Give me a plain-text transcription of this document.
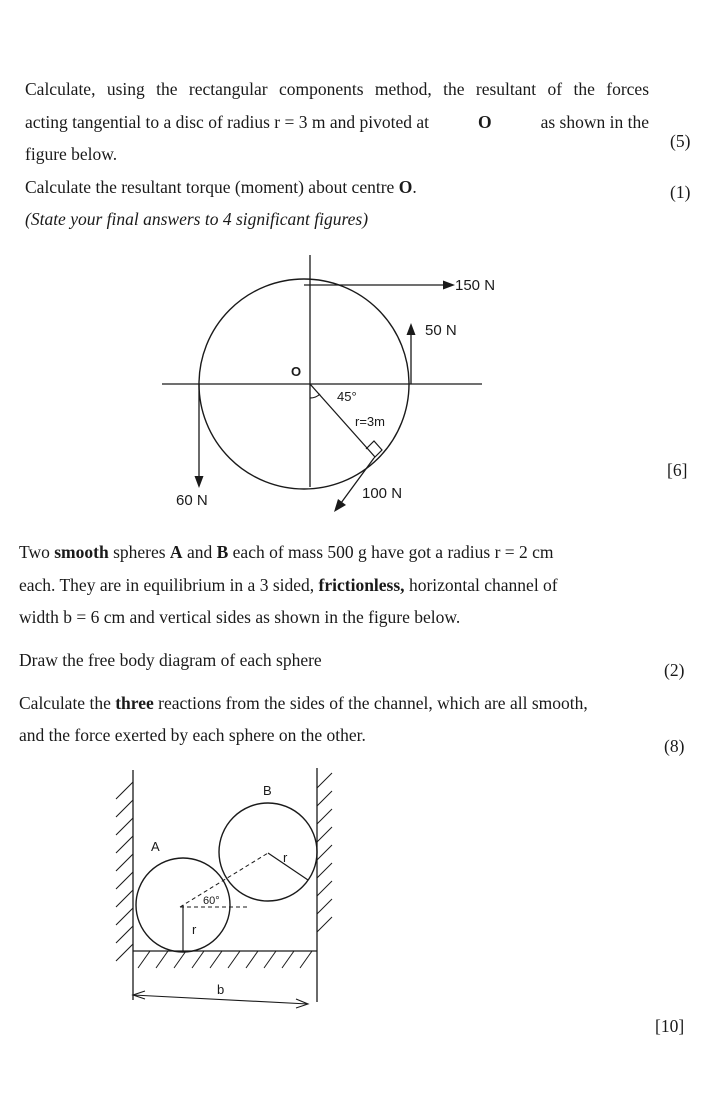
Calculate, using the rectangular components method, the resultant of the forces
acting tangential to a disc of radius r = 3 m and pivoted at	O	as shown in the
figure below.
(5)
Calculate the resultant torque (moment) about centre O.	(1)
(State your final answers to 4 significant figures)
[6]
150 N
50 N
60 N	100 N
O
45°
r=3m
Two smooth spheres A and B each of mass 500 g have got a radius r = 2 cm
each. They are in equilibrium in a 3 sided, frictionless, horizontal channel of
width b = 6 cm and vertical sides as shown in the figure below.
Draw the free body diagram of each sphere	(2)
Calculate the three reactions from the sides of the channel, which are all smooth,
and the force exerted by each sphere on the other.
(8)
[10]
A
B
60°
r
r
b
